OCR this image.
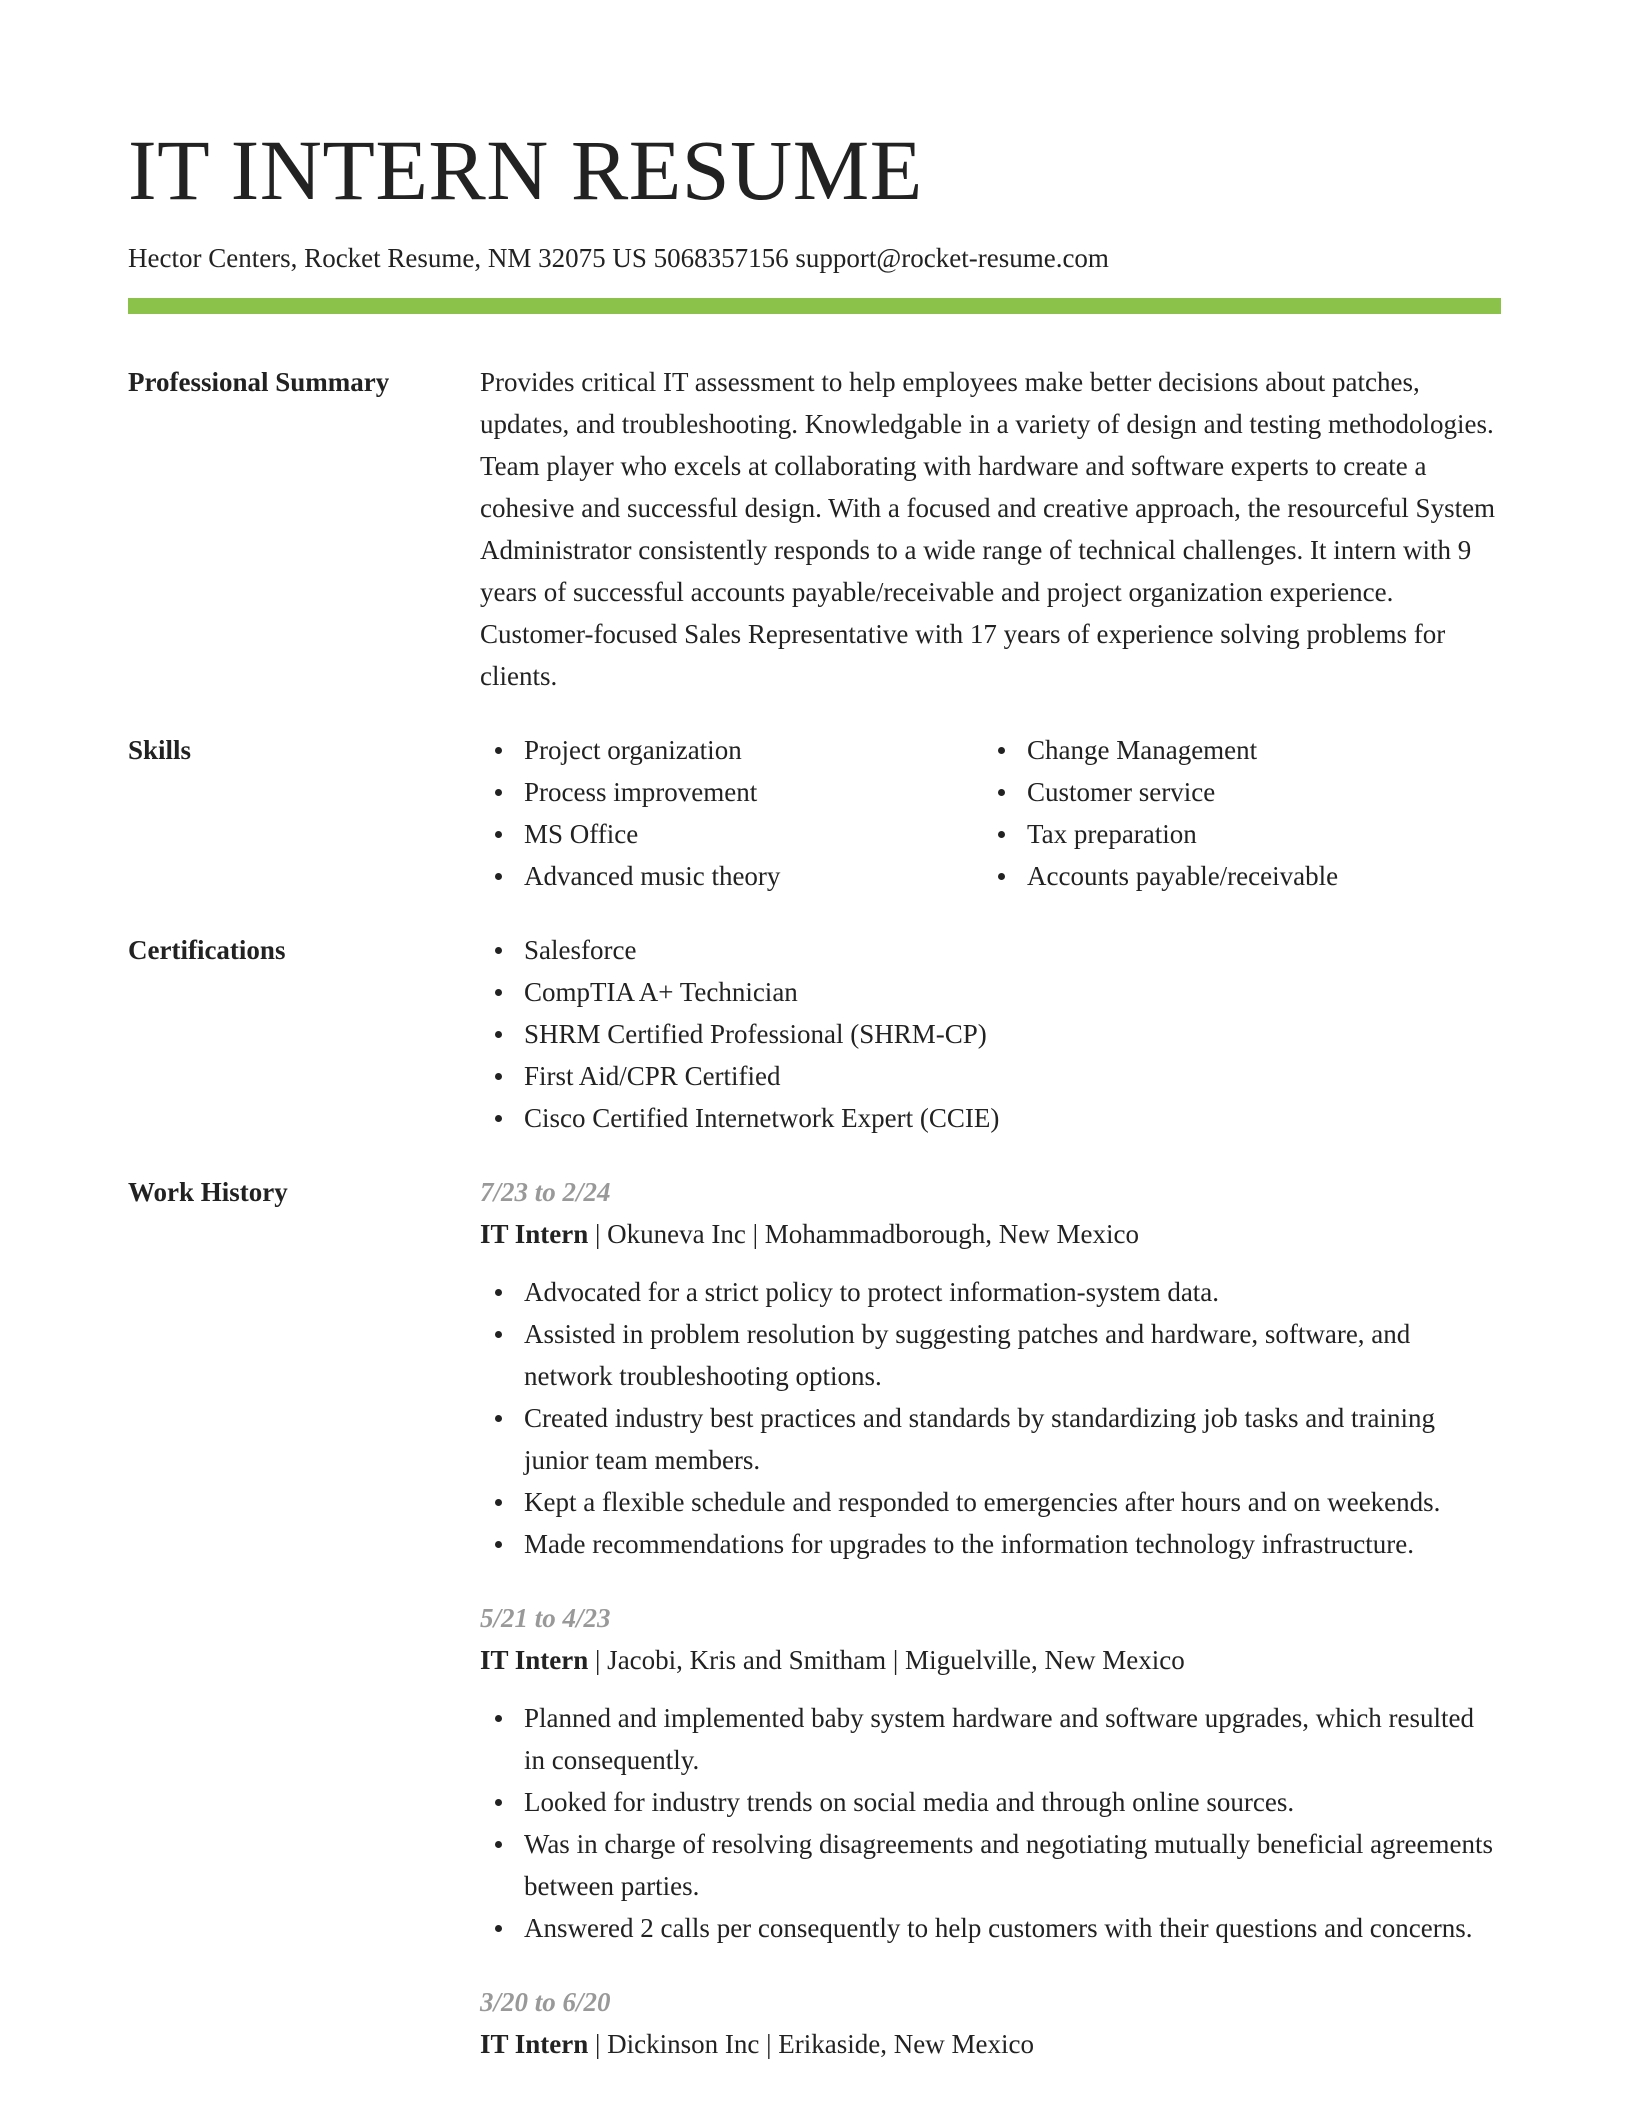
IT INTERN RESUME
Hector Centers, Rocket Resume, NM 32075 US 5068357156 support@rocket-resume.com
Professional Summary	Provides critical IT assessment to help employees make better decisions about patches, updates, and troubleshooting. Knowledgable in a variety of design and testing methodologies. Team player who excels at collaborating with hardware and software experts to create a cohesive and successful design. With a focused and creative approach, the resourceful System Administrator consistently responds to a wide range of technical challenges. It intern with 9 years of successful accounts payable/receivable and project organization experience. Customer-focused Sales Representative with 17 years of experience solving problems for clients.
Skills	Project organization
Process improvement
MS Office
Advanced music theory
Change Management
Customer service
Tax preparation
Accounts payable/receivable
Certifications	Salesforce
CompTIA A+ Technician
SHRM Certified Professional (SHRM-CP)
First Aid/CPR Certified
Cisco Certified Internetwork Expert (CCIE)
Work History	7/23 to 2/24
IT Intern | Okuneva Inc | Mohammadborough, New Mexico
Advocated for a strict policy to protect information-system data.
Assisted in problem resolution by suggesting patches and hardware, software, and network troubleshooting options.
Created industry best practices and standards by standardizing job tasks and training junior team members.
Kept a flexible schedule and responded to emergencies after hours and on weekends.
Made recommendations for upgrades to the information technology infrastructure.
5/21 to 4/23
IT Intern | Jacobi, Kris and Smitham | Miguelville, New Mexico
Planned and implemented baby system hardware and software upgrades, which resulted in consequently.
Looked for industry trends on social media and through online sources.
Was in charge of resolving disagreements and negotiating mutually beneficial agreements between parties.
Answered 2 calls per consequently to help customers with their questions and concerns.
3/20 to 6/20
IT Intern | Dickinson Inc | Erikaside, New Mexico
